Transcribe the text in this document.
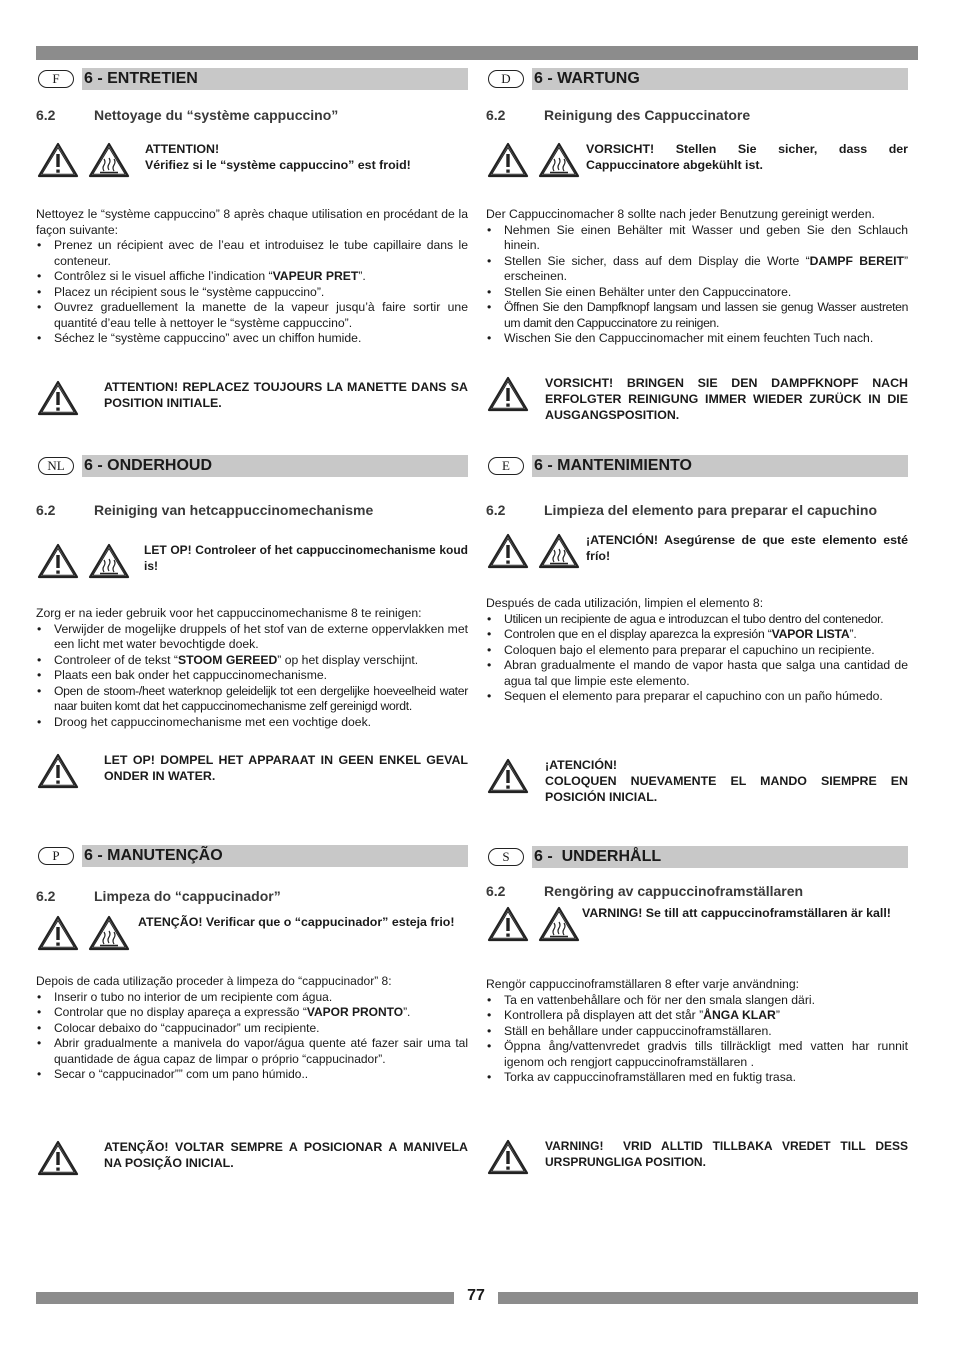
F	6 - ENTRETIEN
6.2	Nettoyage du “système cappuccino”

ATTENTION!
Vérifiez si le “système cappuccino” est froid!
Nettoyez le “système cappuccino” 8 après chaque utilisation en procédant de la façon suivante:
• Prenez un récipient avec de l’eau et introduisez le tube capillaire dans le conteneur.
• Contrôlez si le visuel affiche l’indication “VAPEUR PRET”.
• Placez un récipient sous le “système cappuccino”.
• Ouvrez graduellement la manette de la vapeur jusqu’à faire sortir une quantité d’eau telle à nettoyer le “système cappuccino”.
• Séchez le “système cappuccino” avec un chiffon humide.
ATTENTION! REPLACEZ TOUJOURS LA MANETTE DANS SA POSITION INITIALE.
D	6 - WARTUNG
6.2	Reinigung des Cappuccinatore

VORSICHT! Stellen Sie sicher, dass der Cappuccinatore abgekühlt ist.
Der Cappuccinomacher 8 sollte nach jeder Benutzung gereinigt werden.
• Nehmen Sie einen Behälter mit Wasser und geben Sie den Schlauch hinein.
• Stellen Sie sicher, dass auf dem Display die Worte “DAMPF BEREIT” erscheinen.
• Stellen Sie einen Behälter unter den Cappuccinatore.
• Öffnen Sie den Dampfknopf langsam und lassen sie genug Wasser austreten um damit den Cappuccinatore zu reinigen.
• Wischen Sie den Cappuccinomacher mit einem feuchten Tuch nach.
VORSICHT! BRINGEN SIE DEN DAMPFKNOPF NACH ERFOLGTER REINIGUNG IMMER WIEDER ZURÜCK IN DIE AUSGANGSPOSITION.
NL	6 - ONDERHOUD
6.2	Reiniging van hetcappuccinomechanisme

LET OP! Controleer of het cappuccinomechanisme koud is!
Zorg er na ieder gebruik voor het cappuccinomechanisme 8 te reinigen:
• Verwijder de mogelijke druppels of het stof van de externe oppervlakken met een licht met water bevochtigde doek.
• Controleer of de tekst “STOOM GEREED” op het display verschijnt.
• Plaats een bak onder het cappuccinomechanisme.
• Open de stoom-/heet waterknop geleidelijk tot een dergelijke hoeveelheid water naar buiten komt dat het cappuccinomechanisme zelf gereinigd wordt.
• Droog het cappuccinomechanisme met een vochtige doek.
LET OP! DOMPEL HET APPARAAT IN GEEN ENKEL GEVAL ONDER IN WATER.
E	6 - MANTENIMIENTO
6.2	Limpieza del elemento para preparar el capuchino

¡ATENCIÓN! Asegúrense de que este elemento esté frío!
Después de cada utilización, limpien el elemento 8:
• Utilicen un recipiente de agua e introduzcan el tubo dentro del contenedor.
• Controlen que en el display aparezca la expresión “VAPOR LISTA”.
• Coloquen bajo el elemento para preparar el capuchino un recipiente.
• Abran gradualmente el mando de vapor hasta que salga una cantidad de agua tal que limpie este elemento.
• Sequen el elemento para preparar el capuchino con un paño húmedo.
¡ATENCIÓN!
COLOQUEN NUEVAMENTE EL MANDO SIEMPRE EN POSICIÓN INICIAL.
P	6 - MANUTENÇÃO
6.2	Limpeza do “cappucinador”

ATENÇÃO! Verificar que o “cappucinador” esteja frio!
Depois de cada utilização proceder à limpeza do “cappucinador” 8:
• Inserir o tubo no interior de um recipiente com água.
• Controlar que no display apareça a expressão “VAPOR PRONTO”.
• Colocar debaixo do “cappucinador” um recipiente.
• Abrir gradualmente a manivela do vapor/água quente até fazer sair uma tal quantidade de água capaz de limpar o próprio “cappucinador”.
• Secar o “cappucinador”” com um pano húmido..
ATENÇÃO! VOLTAR SEMPRE A POSICIONAR A MANIVELA NA POSIÇÃO INICIAL.
S	6 -  UNDERHÅLL
6.2	Rengöring av cappuccinoframställaren

VARNING! Se till att cappuccinoframställaren är kall!
Rengör cappuccinoframställaren 8 efter varje användning:
• Ta en vattenbehållare och för ner den smala slangen däri.
• Kontrollera på displayen att det står ”ÅNGA KLAR”
• Ställ en behållare under cappuccinoframställaren.
• Öppna ång/vattenvredet gradvis tills tillräckligt med vatten har runnit igenom och rengjort cappuccinoframställaren .
• Torka av cappuccinoframställaren med en fuktig trasa.
VARNING!  VRID ALLTID TILLBAKA VREDET TILL DESS URSPRUNGLIGA POSITION.
77
